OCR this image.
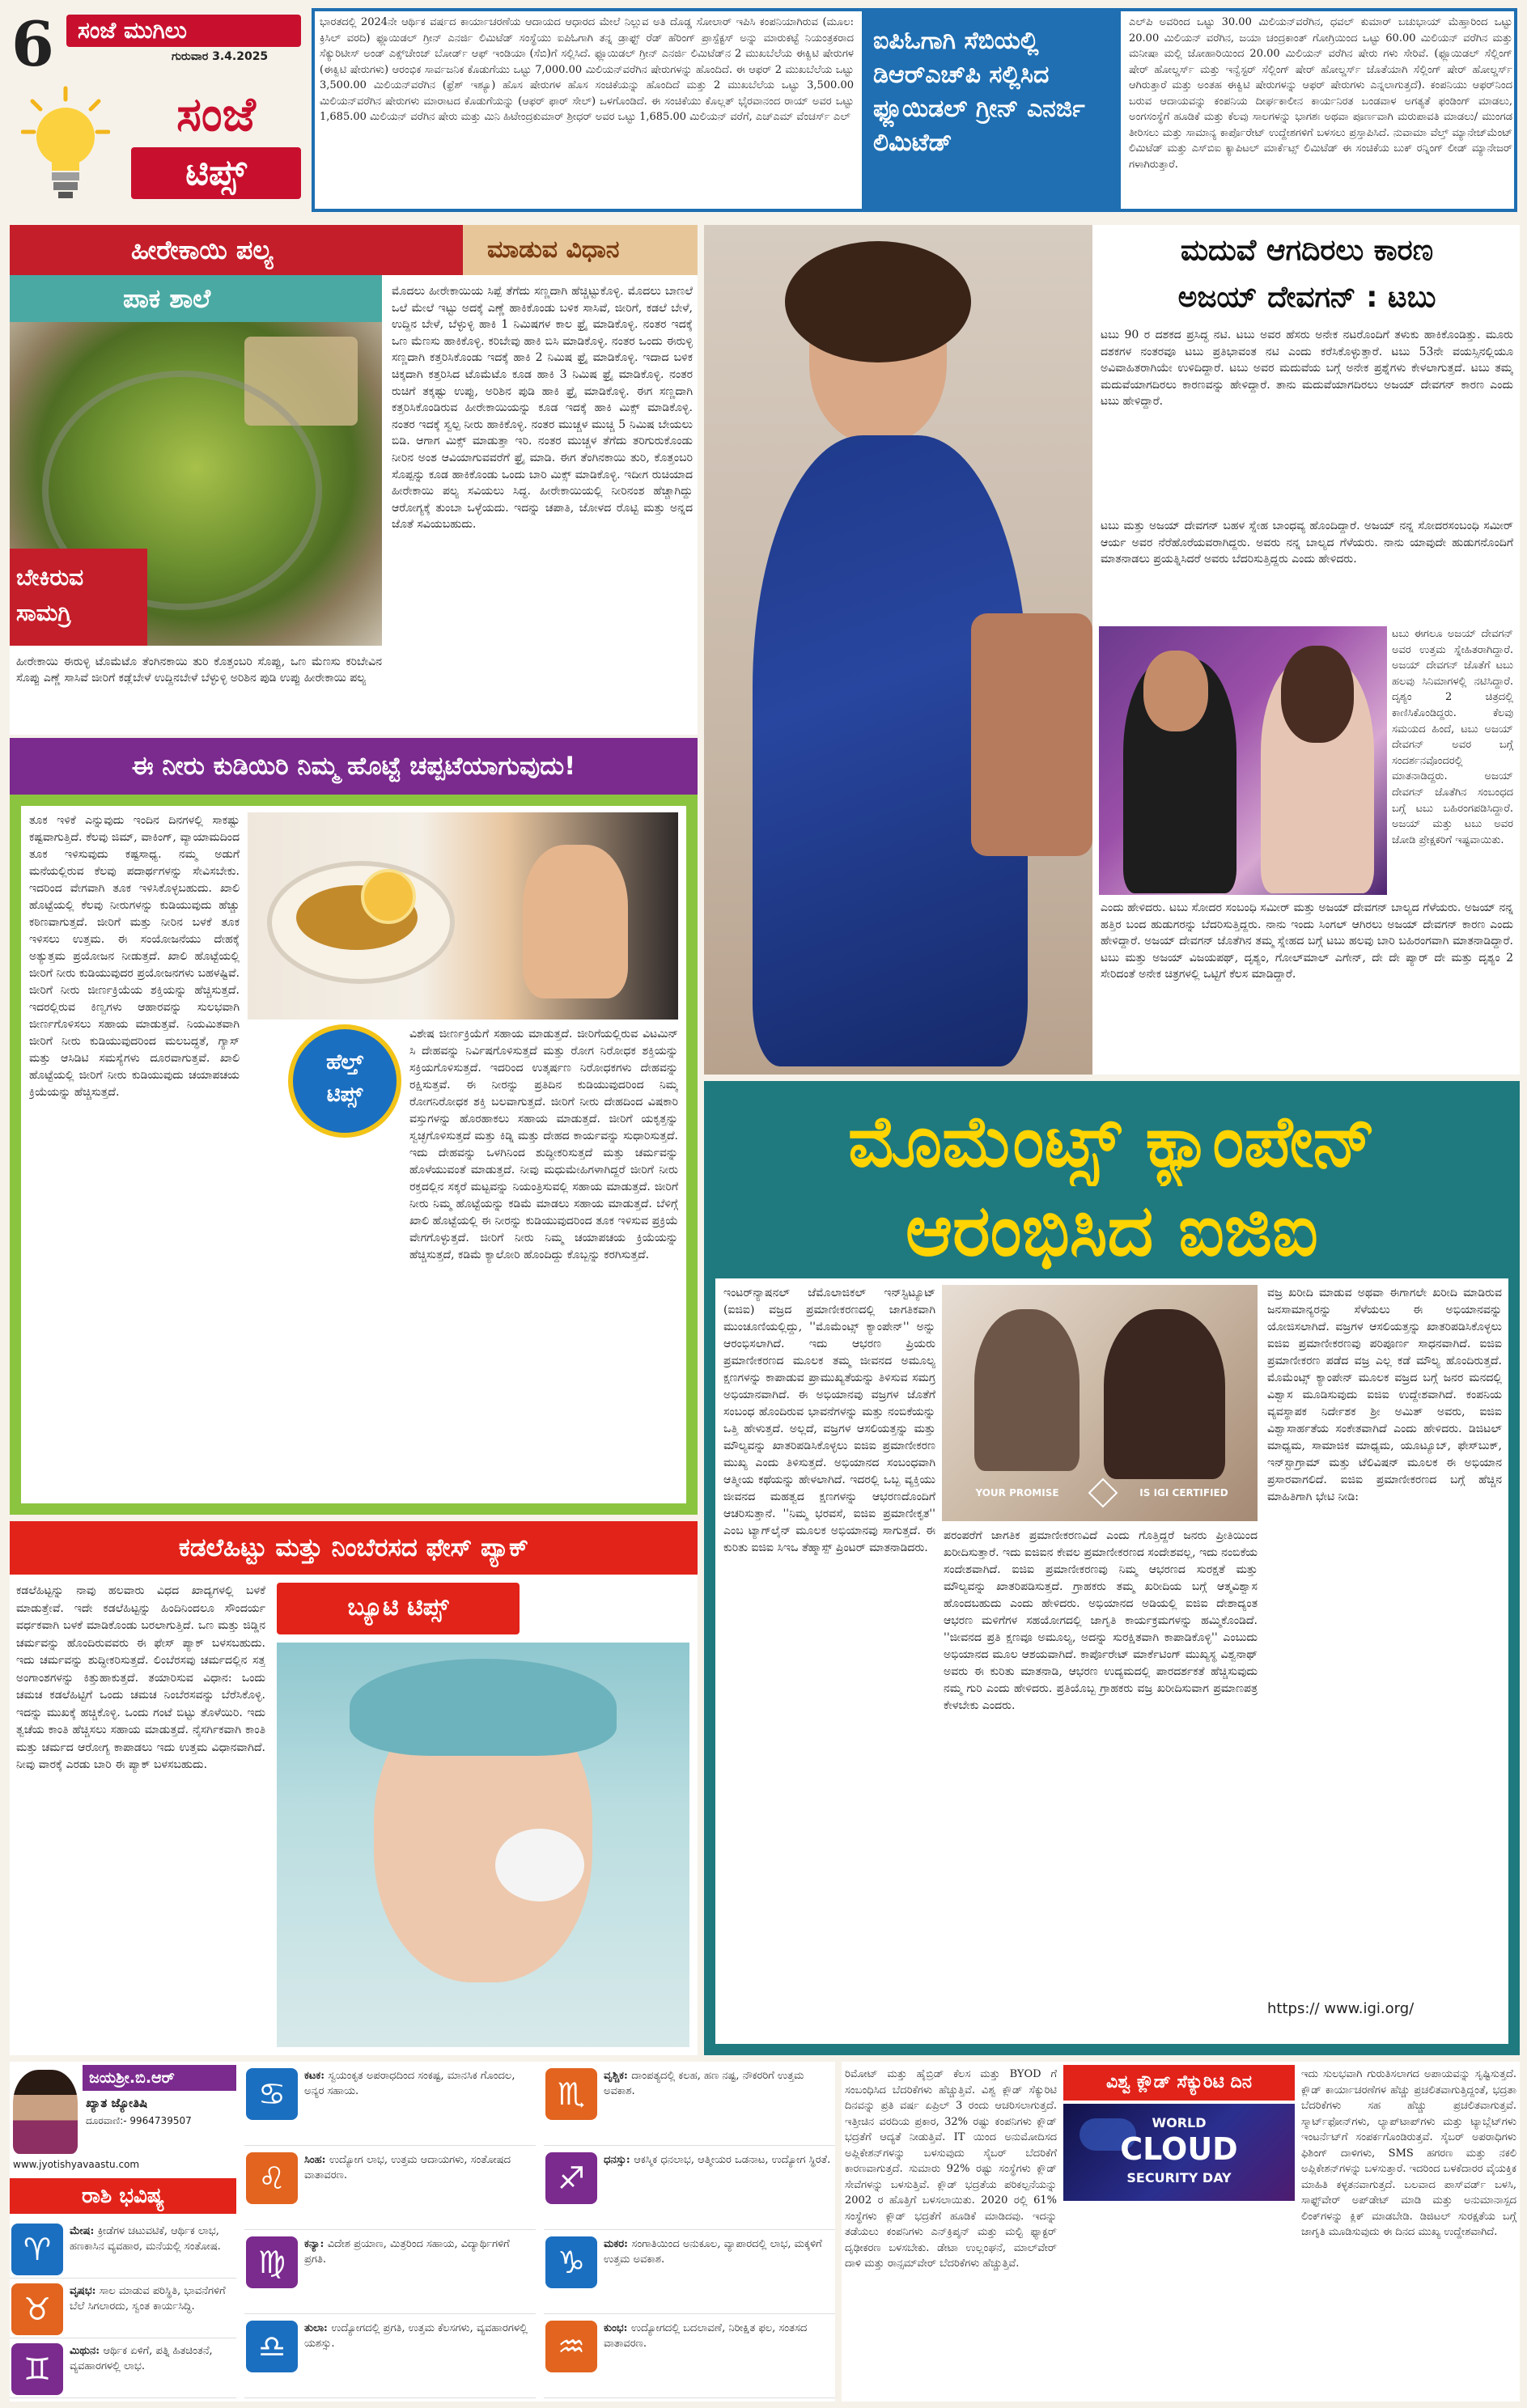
6 ಸಂಜೆ ಮುಗಿಲು
ಗುರುವಾರ 3.4.2025
ಸಂಜೆ
ಟಿಪ್ಸ್
ಭಾರತದಲ್ಲಿ 2024ನೇ ಆರ್ಥಿಕ ವರ್ಷದ ಕಾರ್ಯಾಚರಣೆಯ ಆದಾಯದ ಆಧಾರದ ಮೇಲೆ ನಿಲ್ಲುವ ಅತಿ ದೊಡ್ಡ ಸೋಲಾರ್ ಇಪಿಸಿ ಕಂಪನಿಯಾಗಿರುವ (ಮೂಲ: ಕ್ರಿಸಿಲ್ ವರದಿ) ಫ್ಲೂಯಿಡಲ್ ಗ್ರೀನ್ ಎನರ್ಜಿ ಲಿಮಿಟೆಡ್ ಸಂಸ್ಥೆಯು ಐಪಿಓಗಾಗಿ ತನ್ನ ಡ್ರಾಫ್ಟ್ ರೆಡ್ ಹೆರಿಂಗ್ ಪ್ರಾಸ್ಪೆಕ್ಟಸ್ ಅನ್ನು ಮಾರುಕಟ್ಟೆ ನಿಯಂತ್ರಕರಾದ ಸೆಕ್ಯುರಿಟೀಸ್ ಅಂಡ್ ಎಕ್ಸ್‌ಚೇಂಜ್ ಬೋರ್ಡ್ ಆಫ್ ಇಂಡಿಯಾ (ಸೆಬಿ)ಗೆ ಸಲ್ಲಿಸಿದೆ. ಫ್ಲೂಯಿಡಲ್ ಗ್ರೀನ್ ಎನರ್ಜಿ ಲಿಮಿಟೆಡ್‌ನ 2 ಮುಖಬೆಲೆಯ ಈಕ್ವಿಟಿ ಷೇರುಗಳ (ಈಕ್ವಿಟಿ ಷೇರುಗಳು) ಆರಂಭಿಕ ಸಾರ್ವಜನಿಕ ಕೊಡುಗೆಯು ಒಟ್ಟು 7,000.00 ಮಿಲಿಯನ್‌ವರೆಗಿನ ಷೇರುಗಳನ್ನು ಹೊಂದಿದೆ. ಈ ಆಫರ್ 2 ಮುಖಬೆಲೆಯ ಒಟ್ಟು 3,500.00 ಮಿಲಿಯನ್‌ವರೆಗಿನ (ಫ್ರೆಶ್ ಇಶ್ಯೂ) ಹೊಸ ಷೇರುಗಳ ಹೊಸ ಸಂಚಿಕೆಯನ್ನು ಹೊಂದಿದೆ ಮತ್ತು 2 ಮುಖಬೆಲೆಯ ಒಟ್ಟು 3,500.00 ಮಿಲಿಯನ್‌ವರೆಗಿನ ಷೇರುಗಳು ಮಾರಾಟದ ಕೊಡುಗೆಯನ್ನು (ಆಫರ್ ಫಾರ್ ಸೇಲ್) ಒಳಗೊಂಡಿದೆ. ಈ ಸಂಚಿಕೆಯು ಕೊಲ್ಲತ್ ಭೈರವಾನಂದ ರಾಯ್ ಅವರ ಒಟ್ಟು 1,685.00 ಮಿಲಿಯನ್ ವರೆಗಿನ ಷೇರು ಮತ್ತು ಮಿನಿ ಹಿಟೇಂದ್ರಕುಮಾರ್ ಶ್ರೀಧರ್ ಅವರ ಒಟ್ಟು 1,685.00 ಮಿಲಿಯನ್ ವರೆಗೆ, ಎಚ್‌ಎಮ್ ವೆಂಚರ್ಸ್ ಎಲ್
ಐಪಿಓಗಾಗಿ ಸೆಬಿಯಲ್ಲಿ ಡಿಆರ್‌ಎಚ್‌ಪಿ ಸಲ್ಲಿಸಿದ ಫ್ಲೂಯಿಡಲ್ ಗ್ರೀನ್ ಎನರ್ಜಿ ಲಿಮಿಟೆಡ್
ಎಲ್‌ಪಿ ಅವರಿಂದ ಒಟ್ಟು 30.00 ಮಿಲಿಯನ್‌ವರೆಗಿನ, ಧವಲ್ ಕುಮಾರ್ ಬಚುಭಾಯ್ ಮೆಹ್ತಾರಿಂದ ಒಟ್ಟು 20.00 ಮಿಲಿಯನ್ ವರೆಗಿನ, ಜಯಾ ಚಂದ್ರಕಾಂತ್ ಗೋಗ್ರಿಯಿಂದ ಒಟ್ಟು 60.00 ಮಿಲಿಯನ್ ವರೆಗಿನ ಮತ್ತು ಮನೀಷಾ ಮಲ್ಲಿ ಜೋಹಾರಿಯಿಂದ 20.00 ಮಿಲಿಯನ್ ವರೆಗಿನ ಷೇರು ಗಳು ಸೇರಿವೆ. (ಫ್ಲೂಯಿಡಲ್ ಸೆಲ್ಲಿಂಗ್ ಷೇರ್ ಹೋಲ್ಡರ್ಸ್ ಮತ್ತು ಇನ್ವೆಸ್ಟರ್ ಸೆಲ್ಲಿಂಗ್ ಷೇರ್ ಹೋಲ್ಡರ್ಸ್ ಜೊತೆಯಾಗಿ ಸೆಲ್ಲಿಂಗ್ ಷೇರ್ ಹೋಲ್ಡರ್ಸ್ ಆಗಿರುತ್ತಾರೆ ಮತ್ತು ಅಂತಹ ಈಕ್ವಿಟಿ ಷೇರುಗಳನ್ನು ಆಫರ್ ಷೇರುಗಳು ಎನ್ನಲಾಗುತ್ತದೆ). ಕಂಪನಿಯು ಆಫರ್‌ನಿಂದ ಬರುವ ಆದಾಯವನ್ನು ಕಂಪನಿಯ ದೀರ್ಘಕಾಲೀನ ಕಾರ್ಯನಿರತ ಬಂಡವಾಳ ಅಗತ್ಯತೆ ಫಂಡಿಂಗ್ ಮಾಡಲು, ಅಂಗಸಂಸ್ಥೆಗೆ ಹೂಡಿಕೆ ಮತ್ತು ಕೆಲವು ಸಾಲಗಳನ್ನು ಭಾಗಶಃ ಅಥವಾ ಪೂರ್ಣವಾಗಿ ಮರುಪಾವತಿ ಮಾಡಲು/ ಮುಂಗಡ ತೀರಿಸಲು ಮತ್ತು ಸಾಮಾನ್ಯ ಕಾರ್ಪೊರೇಟ್ ಉದ್ದೇಶಗಳಿಗೆ ಬಳಸಲು ಪ್ರಸ್ತಾಪಿಸಿದೆ. ನುವಾಮಾ ವೆಲ್ತ್ ಮ್ಯಾನೇಜ್‌ಮೆಂಟ್ ಲಿಮಿಟೆಡ್ ಮತ್ತು ಎಸ್‌ಬಿಐ ಕ್ಯಾಪಿಟಲ್ ಮಾರ್ಕೆಟ್ಸ್ ಲಿಮಿಟೆಡ್ ಈ ಸಂಚಿಕೆಯ ಬುಕ್ ರನ್ನಿಂಗ್ ಲೀಡ್ ಮ್ಯಾನೇಜರ್ ಗಳಾಗಿರುತ್ತಾರೆ.
ಹೀರೇಕಾಯಿ ಪಲ್ಯ	ಮಾಡುವ ವಿಧಾನ
ಪಾಕ ಶಾಲೆ
ಬೇಕಿರುವ ಸಾಮಗ್ರಿ
ಹೀರೇಕಾಯಿ ಈರುಳ್ಳಿ ಟೊಮೆಟೊ ತೆಂಗಿನಕಾಯಿ ತುರಿ ಕೊತ್ತಂಬರಿ ಸೊಪ್ಪು, ಒಣ ಮೆಣಸು ಕರಿಬೇವಿನ ಸೊಪ್ಪು ಎಣ್ಣೆ ಸಾಸಿವೆ ಜೀರಿಗೆ ಕಡ್ಲೆಬೇಳೆ ಉದ್ದಿನಬೇಳೆ ಬೆಳ್ಳುಳ್ಳಿ ಅರಿಶಿನ ಪುಡಿ ಉಪ್ಪು ಹೀರೇಕಾಯಿ ಪಲ್ಯ
ಮೊದಲು ಹೀರೇಕಾಯಿಯ ಸಿಪ್ಪೆ ತೆಗೆದು ಸಣ್ಣದಾಗಿ ಹೆಚ್ಚಿಟ್ಟುಕೊಳ್ಳಿ. ಮೊದಲು ಬಾಣಲೆ ಒಲೆ ಮೇಲೆ ಇಟ್ಟು ಅದಕ್ಕೆ ಎಣ್ಣೆ ಹಾಕಿಕೊಂಡು ಬಳಿಕ ಸಾಸಿವೆ, ಜೀರಿಗೆ, ಕಡಲೆ ಬೇಳೆ, ಉದ್ದಿನ ಬೇಳೆ, ಬೆಳ್ಳುಳ್ಳಿ ಹಾಕಿ 1 ನಿಮಿಷಗಳ ಕಾಲ ಫ್ರೈ ಮಾಡಿಕೊಳ್ಳಿ. ನಂತರ ಇದಕ್ಕೆ ಒಣ ಮೆಣಸು ಹಾಕಿಕೊಳ್ಳಿ. ಕರಿಬೇವು ಹಾಕಿ ಬಿಸಿ ಮಾಡಿಕೊಳ್ಳಿ. ನಂತರ ಒಂದು ಈರುಳ್ಳಿ ಸಣ್ಣದಾಗಿ ಕತ್ತರಿಸಿಕೊಂಡು ಇದಕ್ಕೆ ಹಾಕಿ 2 ನಿಮಿಷ ಫ್ರೈ ಮಾಡಿಕೊಳ್ಳಿ. ಇದಾದ ಬಳಿಕ ಚಿಕ್ಕದಾಗಿ ಕತ್ತರಿಸಿದ ಟೊಮೆಟೊ ಕೂಡ ಹಾಕಿ 3 ನಿಮಿಷ ಫ್ರೈ ಮಾಡಿಕೊಳ್ಳಿ. ನಂತರ ರುಚಿಗೆ ತಕ್ಕಷ್ಟು ಉಪ್ಪು, ಅರಿಶಿನ ಪುಡಿ ಹಾಕಿ ಫ್ರೈ ಮಾಡಿಕೊಳ್ಳಿ. ಈಗ ಸಣ್ಣದಾಗಿ ಕತ್ತರಿಸಿಕೊಂಡಿರುವ ಹೀರೇಕಾಯಿಯನ್ನು ಕೂಡ ಇದಕ್ಕೆ ಹಾಕಿ ಮಿಕ್ಸ್ ಮಾಡಿಕೊಳ್ಳಿ. ನಂತರ ಇದಕ್ಕೆ ಸ್ವಲ್ಪ ನೀರು ಹಾಕಿಕೊಳ್ಳಿ. ನಂತರ ಮುಚ್ಚಳ ಮುಚ್ಚಿ 5 ನಿಮಿಷ ಬೇಯಲು ಬಿಡಿ. ಆಗಾಗ ಮಿಕ್ಸ್ ಮಾಡುತ್ತಾ ಇರಿ. ನಂತರ ಮುಚ್ಚಳ ತೆಗೆದು ತರಿಗುರುಕೊಂಡು ನೀರಿನ ಅಂಶ ಆವಿಯಾಗುವವರೆಗೆ ಫ್ರೈ ಮಾಡಿ. ಈಗ ತೆಂಗಿನಕಾಯಿ ತುರಿ, ಕೊತ್ತಂಬರಿ ಸೊಪ್ಪನ್ನು ಕೂಡ ಹಾಕಿಕೊಂಡು ಒಂದು ಬಾರಿ ಮಿಕ್ಸ್ ಮಾಡಿಕೊಳ್ಳಿ. ಇದೀಗ ರುಚಿಯಾದ ಹೀರೇಕಾಯಿ ಪಲ್ಯ ಸವಿಯಲು ಸಿದ್ಧ. ಹೀರೇಕಾಯಿಯಲ್ಲಿ ನೀರಿನಂಶ ಹೆಚ್ಚಾಗಿದ್ದು ಆರೋಗ್ಯಕ್ಕೆ ತುಂಬಾ ಒಳ್ಳೆಯದು. ಇದನ್ನು ಚಪಾತಿ, ಜೋಳದ ರೊಟ್ಟಿ ಮತ್ತು ಅನ್ನದ ಜೊತೆ ಸವಿಯಬಹುದು.
ಈ ನೀರು ಕುಡಿಯಿರಿ ನಿಮ್ಮ ಹೊಟ್ಟೆ ಚಪ್ಪಟೆಯಾಗುವುದು!
ತೂಕ ಇಳಿಕೆ ಎನ್ನುವುದು ಇಂದಿನ ದಿನಗಳಲ್ಲಿ ಸಾಕಷ್ಟು ಕಷ್ಟವಾಗುತ್ತಿದೆ. ಕೆಲವು ಜಿಮ್, ವಾಕಿಂಗ್, ವ್ಯಾಯಾಮದಿಂದ ತೂಕ ಇಳಿಸುವುದು ಕಷ್ಟಸಾಧ್ಯ. ನಮ್ಮ ಅಡುಗೆ ಮನೆಯಲ್ಲಿರುವ ಕೆಲವು ಪದಾರ್ಥಗಳನ್ನು ಸೇವಿಸಬೇಕು. ಇದರಿಂದ ವೇಗವಾಗಿ ತೂಕ ಇಳಿಸಿಕೊಳ್ಳಬಹುದು. ಖಾಲಿ ಹೊಟ್ಟೆಯಲ್ಲಿ ಕೆಲವು ನೀರುಗಳನ್ನು ಕುಡಿಯುವುದು ಹೆಚ್ಚು ಕಠಿಣವಾಗುತ್ತದೆ. ಜೀರಿಗೆ ಮತ್ತು ನೀರಿನ ಬಳಕೆ ತೂಕ ಇಳಿಸಲು ಉತ್ತಮ. ಈ ಸಂಯೋಜನೆಯು ದೇಹಕ್ಕೆ ಅತ್ಯುತ್ತಮ ಪ್ರಯೋಜನ ನೀಡುತ್ತದೆ. ಖಾಲಿ ಹೊಟ್ಟೆಯಲ್ಲಿ ಜೀರಿಗೆ ನೀರು ಕುಡಿಯುವುದರ ಪ್ರಯೋಜನಗಳು ಬಹಳಷ್ಟಿವೆ. ಜೀರಿಗೆ ನೀರು ಜೀರ್ಣಕ್ರಿಯೆಯ ಶಕ್ತಿಯನ್ನು ಹೆಚ್ಚಿಸುತ್ತದೆ. ಇದರಲ್ಲಿರುವ ಕಿಣ್ವಗಳು ಆಹಾರವನ್ನು ಸುಲಭವಾಗಿ ಜೀರ್ಣಗೊಳಿಸಲು ಸಹಾಯ ಮಾಡುತ್ತವೆ. ನಿಯಮಿತವಾಗಿ ಜೀರಿಗೆ ನೀರು ಕುಡಿಯುವುದರಿಂದ ಮಲಬದ್ಧತೆ, ಗ್ಯಾಸ್ ಮತ್ತು ಆಸಿಡಿಟಿ ಸಮಸ್ಯೆಗಳು ದೂರವಾಗುತ್ತವೆ. ಖಾಲಿ ಹೊಟ್ಟೆಯಲ್ಲಿ ಜೀರಿಗೆ ನೀರು ಕುಡಿಯುವುದು ಚಯಾಪಚಯ ಕ್ರಿಯೆಯನ್ನು ಹೆಚ್ಚಿಸುತ್ತದೆ.
ಹೆಲ್ತ್
ಟಿಪ್ಸ್
ವಿಶೇಷ ಜೀರ್ಣಕ್ರಿಯೆಗೆ ಸಹಾಯ ಮಾಡುತ್ತದೆ. ಜೀರಿಗೆಯಲ್ಲಿರುವ ವಿಟಮಿನ್ ಸಿ ದೇಹವನ್ನು ನಿರ್ವಿಷಗೊಳಿಸುತ್ತದೆ ಮತ್ತು ರೋಗ ನಿರೋಧಕ ಶಕ್ತಿಯನ್ನು ಸಕ್ರಿಯಗೊಳಿಸುತ್ತದೆ. ಇದರಿಂದ ಉತ್ಕರ್ಷಣ ನಿರೋಧಕಗಳು ದೇಹವನ್ನು ರಕ್ಷಿಸುತ್ತವೆ. ಈ ನೀರನ್ನು ಪ್ರತಿದಿನ ಕುಡಿಯುವುದರಿಂದ ನಿಮ್ಮ ರೋಗನಿರೋಧಕ ಶಕ್ತಿ ಬಲವಾಗುತ್ತದೆ. ಜೀರಿಗೆ ನೀರು ದೇಹದಿಂದ ವಿಷಕಾರಿ ವಸ್ತುಗಳನ್ನು ಹೊರಹಾಕಲು ಸಹಾಯ ಮಾಡುತ್ತದೆ. ಜೀರಿಗೆ ಯಕೃತ್ತನ್ನು ಸ್ವಚ್ಛಗೊಳಿಸುತ್ತದೆ ಮತ್ತು ಕಿಡ್ನಿ ಮತ್ತು ದೇಹದ ಕಾರ್ಯವನ್ನು ಸುಧಾರಿಸುತ್ತದೆ. ಇದು ದೇಹವನ್ನು ಒಳಗಿನಿಂದ ಶುದ್ಧೀಕರಿಸುತ್ತದೆ ಮತ್ತು ಚರ್ಮವನ್ನು ಹೊಳೆಯುವಂತೆ ಮಾಡುತ್ತದೆ. ನೀವು ಮಧುಮೇಹಿಗಳಾಗಿದ್ದರೆ ಜೀರಿಗೆ ನೀರು ರಕ್ತದಲ್ಲಿನ ಸಕ್ಕರೆ ಮಟ್ಟವನ್ನು ನಿಯಂತ್ರಿಸುವಲ್ಲಿ ಸಹಾಯ ಮಾಡುತ್ತದೆ. ಜೀರಿಗೆ ನೀರು ನಿಮ್ಮ ಹೊಟ್ಟೆಯನ್ನು ಕಡಿಮೆ ಮಾಡಲು ಸಹಾಯ ಮಾಡುತ್ತದೆ. ಬೆಳಿಗ್ಗೆ ಖಾಲಿ ಹೊಟ್ಟೆಯಲ್ಲಿ ಈ ನೀರನ್ನು ಕುಡಿಯುವುದರಿಂದ ತೂಕ ಇಳಿಸುವ ಪ್ರಕ್ರಿಯೆ ವೇಗಗೊಳ್ಳುತ್ತದೆ. ಜೀರಿಗೆ ನೀರು ನಿಮ್ಮ ಚಯಾಪಚಯ ಕ್ರಿಯೆಯನ್ನು ಹೆಚ್ಚಿಸುತ್ತದೆ, ಕಡಿಮೆ ಕ್ಯಾಲೋರಿ ಹೊಂದಿದ್ದು ಕೊಬ್ಬನ್ನು ಕರಗಿಸುತ್ತದೆ.
ಕಡಲೆಹಿಟ್ಟು ಮತ್ತು ನಿಂಬೆರಸದ ಫೇಸ್ ಪ್ಯಾಕ್
ಬ್ಯೂಟಿ ಟಿಪ್ಸ್
ಕಡಲೆಹಿಟ್ಟನ್ನು ನಾವು ಹಲವಾರು ವಿಧದ ಖಾದ್ಯಗಳಲ್ಲಿ ಬಳಕೆ ಮಾಡುತ್ತೇವೆ. ಇದೇ ಕಡಲೆಹಿಟ್ಟನ್ನು ಹಿಂದಿನಿಂದಲೂ ಸೌಂದರ್ಯ ವರ್ಧಕವಾಗಿ ಬಳಕೆ ಮಾಡಿಕೊಂಡು ಬರಲಾಗುತ್ತಿದೆ. ಒಣ ಮತ್ತು ಜಿಡ್ಡಿನ ಚರ್ಮವನ್ನು ಹೊಂದಿರುವವರು ಈ ಫೇಸ್ ಪ್ಯಾಕ್ ಬಳಸಬಹುದು. ಇದು ಚರ್ಮವನ್ನು ಶುದ್ಧೀಕರಿಸುತ್ತದೆ. ಲಿಂಬೆರಸವು ಚರ್ಮದಲ್ಲಿನ ಸತ್ತ ಅಂಗಾಂಶಗಳನ್ನು ಕಿತ್ತುಹಾಕುತ್ತದೆ. ತಯಾರಿಸುವ ವಿಧಾನ: ಒಂದು ಚಮಚ ಕಡಲೆಹಿಟ್ಟಿಗೆ ಒಂದು ಚಮಚ ನಿಂಬೆರಸವನ್ನು ಬೆರೆಸಿಕೊಳ್ಳಿ. ಇದನ್ನು ಮುಖಕ್ಕೆ ಹಚ್ಚಿಕೊಳ್ಳಿ. ಒಂದು ಗಂಟೆ ಬಿಟ್ಟು ತೊಳೆಯಿರಿ. ಇದು ತ್ವಚೆಯ ಕಾಂತಿ ಹೆಚ್ಚಿಸಲು ಸಹಾಯ ಮಾಡುತ್ತದೆ. ನೈಸರ್ಗಿಕವಾಗಿ ಕಾಂತಿ ಮತ್ತು ಚರ್ಮದ ಆರೋಗ್ಯ ಕಾಪಾಡಲು ಇದು ಉತ್ತಮ ವಿಧಾನವಾಗಿದೆ. ನೀವು ವಾರಕ್ಕೆ ಎರಡು ಬಾರಿ ಈ ಪ್ಯಾಕ್ ಬಳಸಬಹುದು.
ಮದುವೆ ಆಗದಿರಲು ಕಾರಣ
ಅಜಯ್ ದೇವಗನ್ : ಟಬು
ಟಬು 90 ರ ದಶಕದ ಪ್ರಸಿದ್ಧ ನಟಿ. ಟಬು ಅವರ ಹೆಸರು ಅನೇಕ ನಟರೊಂದಿಗೆ ತಳುಕು ಹಾಕಿಕೊಂಡಿತ್ತು. ಮೂರು ದಶಕಗಳ ನಂತರವೂ ಟಬು ಪ್ರತಿಭಾವಂತ ನಟಿ ಎಂದು ಕರೆಸಿಕೊಳ್ಳುತ್ತಾರೆ. ಟಬು 53ನೇ ವಯಸ್ಸಿನಲ್ಲಿಯೂ ಅವಿವಾಹಿತರಾಗಿಯೇ ಉಳಿದಿದ್ದಾರೆ. ಟಬು ಅವರ ಮದುವೆಯ ಬಗ್ಗೆ ಅನೇಕ ಪ್ರಶ್ನೆಗಳು ಕೇಳಲಾಗುತ್ತದೆ. ಟಬು ತಮ್ಮ ಮದುವೆಯಾಗದಿರಲು ಕಾರಣವನ್ನು ಹೇಳಿದ್ದಾರೆ. ತಾನು ಮದುವೆಯಾಗದಿರಲು ಅಜಯ್ ದೇವಗನ್ ಕಾರಣ ಎಂದು ಟಬು ಹೇಳಿದ್ದಾರೆ.
ಟಬು ಮತ್ತು ಅಜಯ್ ದೇವಗನ್ ಬಹಳ ಸ್ನೇಹ ಬಾಂಧವ್ಯ ಹೊಂದಿದ್ದಾರೆ. ಅಜಯ್ ನನ್ನ ಸೋದರಸಂಬಂಧಿ ಸಮೀರ್ ಆರ್ಯ ಅವರ ನೆರೆಹೊರೆಯವರಾಗಿದ್ದರು. ಅವರು ನನ್ನ ಬಾಲ್ಯದ ಗೆಳೆಯರು. ನಾನು ಯಾವುದೇ ಹುಡುಗನೊಂದಿಗೆ ಮಾತನಾಡಲು ಪ್ರಯತ್ನಿಸಿದರೆ ಅವರು ಬೆದರಿಸುತ್ತಿದ್ದರು ಎಂದು ಹೇಳಿದರು.
ಟಬು ಈಗಲೂ ಅಜಯ್ ದೇವಗನ್ ಅವರ ಉತ್ತಮ ಸ್ನೇಹಿತರಾಗಿದ್ದಾರೆ. ಅಜಯ್ ದೇವಗನ್ ಜೊತೆಗೆ ಟಬು ಹಲವು ಸಿನಿಮಾಗಳಲ್ಲಿ ನಟಿಸಿದ್ದಾರೆ. ದೃಶ್ಯಂ 2 ಚಿತ್ರದಲ್ಲಿ ಕಾಣಿಸಿಕೊಂಡಿದ್ದರು. ಕೆಲವು ಸಮಯದ ಹಿಂದೆ, ಟಬು ಅಜಯ್ ದೇವಗನ್ ಅವರ ಬಗ್ಗೆ ಸಂದರ್ಶನವೊಂದರಲ್ಲಿ ಮಾತನಾಡಿದ್ದರು. ಅಜಯ್ ದೇವಗನ್ ಜೊತೆಗಿನ ಸಂಬಂಧದ ಬಗ್ಗೆ ಟಬು ಬಹಿರಂಗಪಡಿಸಿದ್ದಾರೆ. ಅಜಯ್ ಮತ್ತು ಟಬು ಅವರ ಜೋಡಿ ಪ್ರೇಕ್ಷಕರಿಗೆ ಇಷ್ಟವಾಯಿತು.
ಎಂದು ಹೇಳಿದರು. ಟಬು ಸೋದರ ಸಂಬಂಧಿ ಸಮೀರ್ ಮತ್ತು ಅಜಯ್ ದೇವಗನ್ ಬಾಲ್ಯದ ಗೆಳೆಯರು. ಅಜಯ್ ನನ್ನ ಹತ್ತಿರ ಬಂದ ಹುಡುಗರನ್ನು ಬೆದರಿಸುತ್ತಿದ್ದರು. ನಾನು ಇಂದು ಸಿಂಗಲ್ ಆಗಿರಲು ಅಜಯ್ ದೇವಗನ್ ಕಾರಣ ಎಂದು ಹೇಳಿದ್ದಾರೆ. ಅಜಯ್ ದೇವಗನ್ ಜೊತೆಗಿನ ತಮ್ಮ ಸ್ನೇಹದ ಬಗ್ಗೆ ಟಬು ಹಲವು ಬಾರಿ ಬಹಿರಂಗವಾಗಿ ಮಾತನಾಡಿದ್ದಾರೆ. ಟಬು ಮತ್ತು ಅಜಯ್ ವಿಜಯಪಥ್, ದೃಶ್ಯಂ, ಗೋಲ್‌ಮಾಲ್ ಎಗೇನ್, ದೇ ದೇ ಪ್ಯಾರ್ ದೇ ಮತ್ತು ದೃಶ್ಯಂ 2 ಸೇರಿದಂತೆ ಅನೇಕ ಚಿತ್ರಗಳಲ್ಲಿ ಒಟ್ಟಿಗೆ ಕೆಲಸ ಮಾಡಿದ್ದಾರೆ.
ಮೊಮೆಂಟ್ಸ್ ಕ್ಯಾಂಪೇನ್
ಆರಂಭಿಸಿದ ಐಜಿಐ
YOUR PROMISE	IS IGI CERTIFIED
ಇಂಟರ್‌ನ್ಯಾಷನಲ್ ಜೆಮೊಲಾಜಿಕಲ್ ಇನ್‌ಸ್ಟಿಟ್ಯೂಟ್ (ಐಜಿಐ) ವಜ್ರದ ಪ್ರಮಾಣೀಕರಣದಲ್ಲಿ ಜಾಗತಿಕವಾಗಿ ಮುಂಚೂಣಿಯಲ್ಲಿದ್ದು, ''ಮೊಮೆಂಟ್ಸ್ ಕ್ಯಾಂಪೇನ್'' ಅನ್ನು ಆರಂಭಿಸಲಾಗಿದೆ. ಇದು ಆಭರಣ ಪ್ರಿಯರು ಪ್ರಮಾಣೀಕರಣದ ಮೂಲಕ ತಮ್ಮ ಜೀವನದ ಅಮೂಲ್ಯ ಕ್ಷಣಗಳನ್ನು ಕಾಪಾಡುವ ಪ್ರಾಮುಖ್ಯತೆಯನ್ನು ತಿಳಿಸುವ ಸಮಗ್ರ ಅಭಿಯಾನವಾಗಿದೆ. ಈ ಅಭಿಯಾನವು ವಜ್ರಗಳ ಜೊತೆಗೆ ಸಂಬಂಧ ಹೊಂದಿರುವ ಭಾವನೆಗಳನ್ನು ಮತ್ತು ನಂಬಿಕೆಯನ್ನು ಒತ್ತಿ ಹೇಳುತ್ತದೆ. ಅಲ್ಲದೆ, ವಜ್ರಗಳ ಆಸಲಿಯತ್ತನ್ನು ಮತ್ತು ಮೌಲ್ಯವನ್ನು ಖಾತರಿಪಡಿಸಿಕೊಳ್ಳಲು ಐಜಿಐ ಪ್ರಮಾಣೀಕರಣ ಮುಖ್ಯ ಎಂದು ತಿಳಿಸುತ್ತದೆ. ಅಭಿಯಾನದ ಸಂಬಂಧವಾಗಿ ಆತ್ಮೀಯ ಕಥೆಯನ್ನು ಹೇಳಲಾಗಿದೆ. ಇದರಲ್ಲಿ ಒಬ್ಬ ವ್ಯಕ್ತಿಯು ಜೀವನದ ಮಹತ್ವದ ಕ್ಷಣಗಳನ್ನು ಆಭರಣದೊಂದಿಗೆ ಆಚರಿಸುತ್ತಾನೆ. ''ನಿಮ್ಮ ಭರವಸೆ, ಐಜಿಐ ಪ್ರಮಾಣೀಕೃತ'' ಎಂಬ ಟ್ಯಾಗ್‌ಲೈನ್ ಮೂಲಕ ಅಭಿಯಾನವು ಸಾಗುತ್ತದೆ. ಈ ಕುರಿತು ಐಜಿಐ ಸಿಇಒ ತೆಹ್ಮಾಸ್ಪ್ ಪ್ರಿಂಟರ್ ಮಾತನಾಡಿದರು.
ಪರಂಪರೆಗೆ ಜಾಗತಿಕ ಪ್ರಮಾಣೀಕರಣವಿದೆ ಎಂದು ಗೊತ್ತಿದ್ದರೆ ಜನರು ಪ್ರೀತಿಯಿಂದ ಖರೀದಿಸುತ್ತಾರೆ. ಇದು ಐಜಿಐನ ಕೇವಲ ಪ್ರಮಾಣೀಕರಣದ ಸಂದೇಶವಲ್ಲ, ಇದು ನಂಬಿಕೆಯ ಸಂದೇಶವಾಗಿದೆ. ಐಜಿಐ ಪ್ರಮಾಣೀಕರಣವು ನಿಮ್ಮ ಆಭರಣದ ಸುರಕ್ಷತೆ ಮತ್ತು ಮೌಲ್ಯವನ್ನು ಖಾತರಿಪಡಿಸುತ್ತದೆ. ಗ್ರಾಹಕರು ತಮ್ಮ ಖರೀದಿಯ ಬಗ್ಗೆ ಆತ್ಮವಿಶ್ವಾಸ ಹೊಂದಬಹುದು ಎಂದು ಹೇಳಿದರು. ಅಭಿಯಾನದ ಅಡಿಯಲ್ಲಿ ಐಜಿಐ ದೇಶಾದ್ಯಂತ ಆಭರಣ ಮಳಿಗೆಗಳ ಸಹಯೋಗದಲ್ಲಿ ಜಾಗೃತಿ ಕಾರ್ಯಕ್ರಮಗಳನ್ನು ಹಮ್ಮಿಕೊಂಡಿದೆ. ''ಜೀವನದ ಪ್ರತಿ ಕ್ಷಣವೂ ಅಮೂಲ್ಯ, ಅದನ್ನು ಸುರಕ್ಷಿತವಾಗಿ ಕಾಪಾಡಿಕೊಳ್ಳಿ'' ಎಂಬುದು ಅಭಿಯಾನದ ಮೂಲ ಆಶಯವಾಗಿದೆ. ಕಾರ್ಪೊರೇಟ್ ಮಾರ್ಕೆಟಿಂಗ್ ಮುಖ್ಯಸ್ಥ ವಿಶ್ವನಾಥ್ ಅವರು ಈ ಕುರಿತು ಮಾತನಾಡಿ, ಆಭರಣ ಉದ್ಯಮದಲ್ಲಿ ಪಾರದರ್ಶಕತೆ ಹೆಚ್ಚಿಸುವುದು ನಮ್ಮ ಗುರಿ ಎಂದು ಹೇಳಿದರು. ಪ್ರತಿಯೊಬ್ಬ ಗ್ರಾಹಕರು ವಜ್ರ ಖರೀದಿಸುವಾಗ ಪ್ರಮಾಣಪತ್ರ ಕೇಳಬೇಕು ಎಂದರು.
ವಜ್ರ ಖರೀದಿ ಮಾಡುವ ಅಥವಾ ಈಗಾಗಲೇ ಖರೀದಿ ಮಾಡಿರುವ ಜನಸಾಮಾನ್ಯರನ್ನು ಸೆಳೆಯಲು ಈ ಅಭಿಯಾನವನ್ನು ಯೋಜಿಸಲಾಗಿದೆ. ವಜ್ರಗಳ ಆಸಲಿಯತ್ತನ್ನು ಖಾತರಿಪಡಿಸಿಕೊಳ್ಳಲು ಐಜಿಐ ಪ್ರಮಾಣೀಕರಣವು ಪರಿಪೂರ್ಣ ಸಾಧನವಾಗಿದೆ. ಐಜಿಐ ಪ್ರಮಾಣೀಕರಣ ಪಡೆದ ವಜ್ರ ಎಲ್ಲ ಕಡೆ ಮೌಲ್ಯ ಹೊಂದಿರುತ್ತದೆ. ಮೊಮೆಂಟ್ಸ್ ಕ್ಯಾಂಪೇನ್ ಮೂಲಕ ವಜ್ರದ ಬಗ್ಗೆ ಜನರ ಮನದಲ್ಲಿ ವಿಶ್ವಾಸ ಮೂಡಿಸುವುದು ಐಜಿಐ ಉದ್ದೇಶವಾಗಿದೆ. ಕಂಪನಿಯ ವ್ಯವಸ್ಥಾಪಕ ನಿರ್ದೇಶಕ ಶ್ರೀ ಅಮಿತ್ ಅವರು, ಐಜಿಐ ವಿಶ್ವಾಸಾರ್ಹತೆಯ ಸಂಕೇತವಾಗಿದೆ ಎಂದು ಹೇಳಿದರು. ಡಿಜಿಟಲ್ ಮಾಧ್ಯಮ, ಸಾಮಾಜಿಕ ಮಾಧ್ಯಮ, ಯೂಟ್ಯೂಬ್, ಫೇಸ್‌ಬುಕ್, ಇನ್‌ಸ್ಟಾಗ್ರಾಮ್ ಮತ್ತು ಟೆಲಿವಿಷನ್ ಮೂಲಕ ಈ ಅಭಿಯಾನ ಪ್ರಸಾರವಾಗಲಿದೆ. ಐಜಿಐ ಪ್ರಮಾಣೀಕರಣದ ಬಗ್ಗೆ ಹೆಚ್ಚಿನ ಮಾಹಿತಿಗಾಗಿ ಭೇಟಿ ನೀಡಿ:
https:// www.igi.org/
ಜಯಶ್ರೀ.ಬಿ.ಆರ್
ಖ್ಯಾತ ಜ್ಯೋತಿಷಿ
ದೂರವಾಣಿ:- 9964739507
www.jyotishyavaastu.com
ರಾಶಿ ಭವಿಷ್ಯ
♈
ಮೇಷ: ಕ್ರೀಡೆಗಳ ಚಟುವಟಿಕೆ, ಆರ್ಥಿಕ ಲಾಭ, ಹಣಕಾಸಿನ ವ್ಯವಹಾರ, ಮನೆಯಲ್ಲಿ ಸಂತೋಷ.
♉
ವೃಷಭ: ಸಾಲ ಮಾಡುವ ಪರಿಸ್ಥಿತಿ, ಭಾವನೆಗಳಿಗೆ ಬೆಲೆ ಸಿಗಲಾರದು, ಸ್ವಂತ ಕಾರ್ಯಸಿದ್ಧಿ.
♊
ಮಿಥುನ: ಆರ್ಥಿಕ ಏಳಿಗೆ, ಪತ್ನಿ ಹಿತಚಿಂತನೆ, ವ್ಯವಹಾರಗಳಲ್ಲಿ ಲಾಭ.
♋
ಕಟಕ: ಸ್ವಯಂಕೃತ ಅಪರಾಧದಿಂದ ಸಂಕಷ್ಟ, ಮಾನಸಿಕ ಗೊಂದಲ, ಅನ್ಯರ ಸಹಾಯ.
♌
ಸಿಂಹ: ಉದ್ಯೋಗ ಲಾಭ, ಉತ್ತಮ ಆದಾಯಗಳು, ಸಂತೋಷದ ವಾತಾವರಣ.
♍
ಕನ್ಯಾ: ವಿದೇಶ ಪ್ರಯಾಣ, ಮಿತ್ರರಿಂದ ಸಹಾಯ, ವಿದ್ಯಾರ್ಥಿಗಳಿಗೆ ಪ್ರಗತಿ.
♎
ತುಲಾ: ಉದ್ಯೋಗದಲ್ಲಿ ಪ್ರಗತಿ, ಉತ್ತಮ ಕೆಲಸಗಳು, ವ್ಯವಹಾರಗಳಲ್ಲಿ ಯಶಸ್ಸು.
♏
ವೃಶ್ಚಿಕ: ದಾಂಪತ್ಯದಲ್ಲಿ ಕಲಹ, ಹಣ ನಷ್ಟ, ನೌಕರರಿಗೆ ಉತ್ತಮ ಅವಕಾಶ.
♐
ಧನಸ್ಸು: ಆಕಸ್ಮಿಕ ಧನಲಾಭ, ಆತ್ಮೀಯರ ಒಡನಾಟ, ಉದ್ಯೋಗ ಸ್ಥಿರತೆ.
♑
ಮಕರ: ಸಂಗಾತಿಯಿಂದ ಅನುಕೂಲ, ವ್ಯಾಪಾರದಲ್ಲಿ ಲಾಭ, ಮಕ್ಕಳಿಗೆ ಉತ್ತಮ ಅವಕಾಶ.
♒
ಕುಂಭ: ಉದ್ಯೋಗದಲ್ಲಿ ಬದಲಾವಣೆ, ನಿರೀಕ್ಷಿತ ಫಲ, ಸಂತಸದ ವಾತಾವರಣ.
ರಿಮೋಟ್ ಮತ್ತು ಹೈಬ್ರಿಡ್ ಕೆಲಸ ಮತ್ತು BYOD ಗೆ ಸಂಬಂಧಿಸಿದ ಬೆದರಿಕೆಗಳು ಹೆಚ್ಚುತ್ತಿವೆ. ವಿಶ್ವ ಕ್ಲೌಡ್ ಸೆಕ್ಯುರಿಟಿ ದಿನವನ್ನು ಪ್ರತಿ ವರ್ಷ ಏಪ್ರಿಲ್ 3 ರಂದು ಆಚರಿಸಲಾಗುತ್ತದೆ. ಇತ್ತೀಚಿನ ವರದಿಯ ಪ್ರಕಾರ, 32% ರಷ್ಟು ಕಂಪನಿಗಳು ಕ್ಲೌಡ್ ಭದ್ರತೆಗೆ ಆದ್ಯತೆ ನೀಡುತ್ತಿವೆ. IT ಯಿಂದ ಅನುಮೋದಿಸದ ಅಪ್ಲಿಕೇಶನ್‌ಗಳನ್ನು ಬಳಸುವುದು ಸೈಬರ್ ಬೆದರಿಕೆಗೆ ಕಾರಣವಾಗುತ್ತದೆ. ಸುಮಾರು 92% ರಷ್ಟು ಸಂಸ್ಥೆಗಳು ಕ್ಲೌಡ್ ಸೇವೆಗಳನ್ನು ಬಳಸುತ್ತಿವೆ. ಕ್ಲೌಡ್ ಭದ್ರತೆಯ ಪರಿಕಲ್ಪನೆಯನ್ನು 2002 ರ ಹೊತ್ತಿಗೆ ಬಳಸಲಾಯಿತು. 2020 ರಲ್ಲಿ 61% ಸಂಸ್ಥೆಗಳು ಕ್ಲೌಡ್ ಭದ್ರತೆಗೆ ಹೂಡಿಕೆ ಮಾಡಿದವು. ಇದನ್ನು ತಡೆಯಲು ಕಂಪನಿಗಳು ಎನ್‌ಕ್ರಿಪ್ಶನ್ ಮತ್ತು ಮಲ್ಟಿ ಫ್ಯಾಕ್ಟರ್ ದೃಢೀಕರಣ ಬಳಸಬೇಕು. ಡೇಟಾ ಉಲ್ಲಂಘನೆ, ಮಾಲ್‌ವೇರ್ ದಾಳಿ ಮತ್ತು ರಾನ್ಸಮ್‌ವೇರ್ ಬೆದರಿಕೆಗಳು ಹೆಚ್ಚುತ್ತಿವೆ.
ವಿಶ್ವ ಕ್ಲೌಡ್ ಸೆಕ್ಯುರಿಟಿ ದಿನ
WORLD
CLOUD
SECURITY DAY
ಇದು ಸುಲಭವಾಗಿ ಗುರುತಿಸಲಾಗದ ಅಪಾಯವನ್ನು ಸೃಷ್ಟಿಸುತ್ತದೆ. ಕ್ಲೌಡ್ ಕಾರ್ಯಾಚರಣೆಗಳ ಹೆಚ್ಚು ಪ್ರಚಲಿತವಾಗುತ್ತಿದ್ದಂತೆ, ಭದ್ರತಾ ಬೆದರಿಕೆಗಳು ಸಹ ಹೆಚ್ಚು ಪ್ರಚಲಿತವಾಗುತ್ತವೆ. ಸ್ಮಾರ್ಟ್‌ಫೋನ್‌ಗಳು, ಲ್ಯಾಪ್‌ಟಾಪ್‌ಗಳು ಮತ್ತು ಟ್ಯಾಬ್ಲೆಟ್‌ಗಳು ಇಂಟರ್ನೆಟ್‌ಗೆ ಸಂಪರ್ಕಗೊಂಡಿರುತ್ತವೆ. ಸೈಬರ್ ಅಪರಾಧಿಗಳು ಫಿಶಿಂಗ್ ದಾಳಿಗಳು, SMS ಹಗರಣ ಮತ್ತು ನಕಲಿ ಅಪ್ಲಿಕೇಶನ್‌ಗಳನ್ನು ಬಳಸುತ್ತಾರೆ. ಇದರಿಂದ ಬಳಕೆದಾರರ ವೈಯಕ್ತಿಕ ಮಾಹಿತಿ ಕಳ್ಳತನವಾಗುತ್ತದೆ. ಬಲವಾದ ಪಾಸ್‌ವರ್ಡ್ ಬಳಸಿ, ಸಾಫ್ಟ್‌ವೇರ್ ಅಪ್‌ಡೇಟ್ ಮಾಡಿ ಮತ್ತು ಅನುಮಾನಾಸ್ಪದ ಲಿಂಕ್‌ಗಳನ್ನು ಕ್ಲಿಕ್ ಮಾಡಬೇಡಿ. ಡಿಜಿಟಲ್ ಸುರಕ್ಷತೆಯ ಬಗ್ಗೆ ಜಾಗೃತಿ ಮೂಡಿಸುವುದು ಈ ದಿನದ ಮುಖ್ಯ ಉದ್ದೇಶವಾಗಿದೆ.
